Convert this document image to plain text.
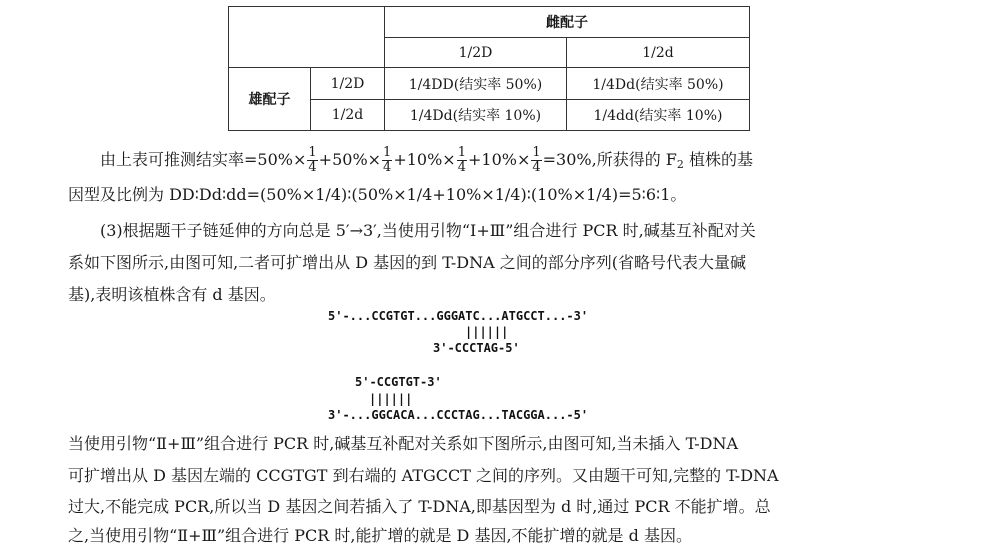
		雌配子	
		1/2D	1/2d
雄配子	1/2D	1/4DD(结实率 50%)	1/4Dd(结实率 50%)
	1/2d	1/4Dd(结实率 10%)	1/4dd(结实率 10%)

由上表可推测结实率$=50\%\times \frac{1}{4} +50\%\times \frac{1}{4} +10\%\times \frac{1}{4} +10\%\times \frac{1}{4} =30\%$,所获得的 $F_2$ 植株的基

因型及比例为 DD∶Dd∶dd=(50%×1/4)∶(50%×1/4+10%×1/4)∶(10%×1/4)=5∶6∶1。

(3)根据题干子链延伸的方向总是 5′→3′,当使用引物“Ⅰ+Ⅲ”组合进行 PCR 时,碱基互补配对关

系如下图所示,由图可知,二者可扩增出从 D 基因的到 T-DNA 之间的部分序列(省略号代表大量碱

基),表明该植株含有 d 基因。

5'-...CCGTGT...GGGATC...ATGCCT...-3'
||||||
3'-CCCTAG-5'
5'-CCGTGT-3'
||||||
3'-...GGCACA...CCCTAG...TACGGA...-5'

当使用引物“Ⅱ+Ⅲ”组合进行 PCR 时,碱基互补配对关系如下图所示,由图可知,当未插入 T-DNA

可扩增出从 D 基因左端的 CCGTGT 到右端的 ATGCCT 之间的序列。又由题干可知,完整的 T-DNA

过大,不能完成 PCR,所以当 D 基因之间若插入了 T-DNA,即基因型为 d 时,通过 PCR 不能扩增。总

之,当使用引物“Ⅱ+Ⅲ”组合进行 PCR 时,能扩增的就是 D 基因,不能扩增的就是 d 基因。
